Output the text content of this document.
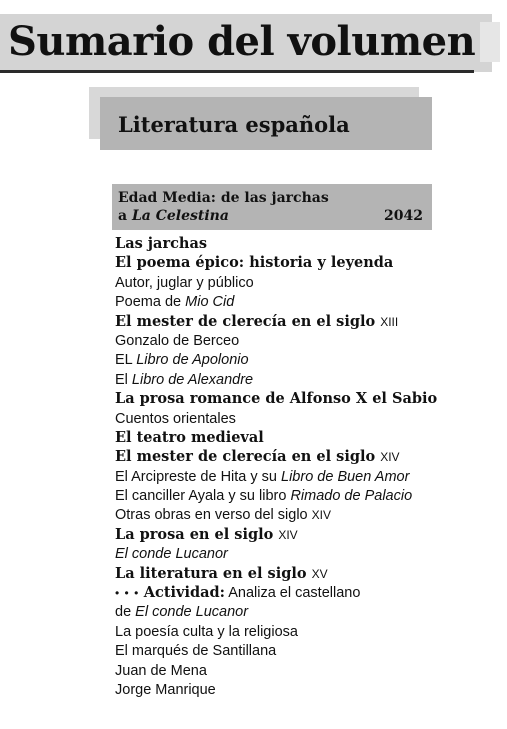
Sumario del volumen
Literatura española
Edad Media: de las jarchas
a La Celestina	2042
Las jarchas
El poema épico: historia y leyenda
Autor, juglar y público
Poema de Mio Cid
El mester de clerecía en el siglo XIII
Gonzalo de Berceo
EL Libro de Apolonio
El Libro de Alexandre
La prosa romance de Alfonso X el Sabio
Cuentos orientales
El teatro medieval
El mester de clerecía en el siglo XIV
El Arcipreste de Hita y su Libro de Buen Amor
El canciller Ayala y su libro Rimado de Palacio
Otras obras en verso del siglo XIV
La prosa en el siglo XIV
El conde Lucanor
La literatura en el siglo XV
• • • Actividad: Analiza el castellano
de El conde Lucanor
La poesía culta y la religiosa
El marqués de Santillana
Juan de Mena
Jorge Manrique
